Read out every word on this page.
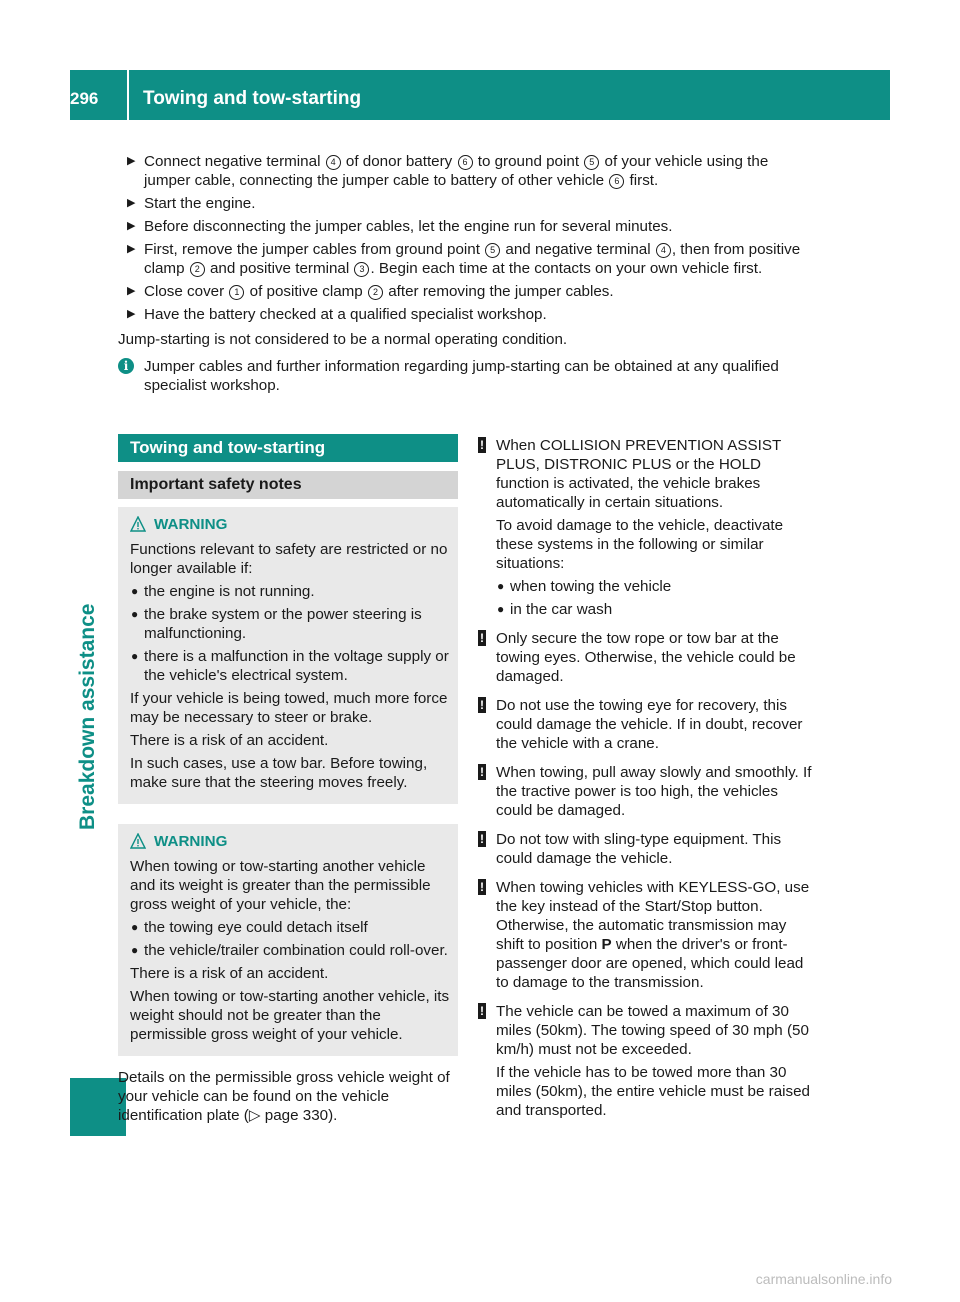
296	Towing and tow-starting
Breakdown assistance
▶ Connect negative terminal 4 of donor battery 6 to ground point 5 of your vehicle using the jumper cable, connecting the jumper cable to battery of other vehicle 6 first.
▶ Start the engine.
▶ Before disconnecting the jumper cables, let the engine run for several minutes.
▶ First, remove the jumper cables from ground point 5 and negative terminal 4 , then from positive clamp 2 and positive terminal 3 . Begin each time at the contacts on your own vehicle first.
▶ Close cover 1 of positive clamp 2 after removing the jumper cables.
▶ Have the battery checked at a qualified specialist workshop.
Jump-starting is not considered to be a normal operating condition.
i	Jumper cables and further information regarding jump-starting can be obtained at any qualified specialist workshop.
Towing and tow-starting
Important safety notes
WARNING

Functions relevant to safety are restricted or no longer available if:

● the engine is not running.
● the brake system or the power steering is malfunctioning.
● there is a malfunction in the voltage supply or the vehicle's electrical system.

If your vehicle is being towed, much more force may be necessary to steer or brake.

There is a risk of an accident.

In such cases, use a tow bar. Before towing, make sure that the steering moves freely.

WARNING

When towing or tow-starting another vehicle and its weight is greater than the permissible gross weight of your vehicle, the:

● the towing eye could detach itself
● the vehicle/trailer combination could roll-over.

There is a risk of an accident.

When towing or tow-starting another vehicle, its weight should not be greater than the permissible gross weight of your vehicle.

Details on the permissible gross vehicle weight of your vehicle can be found on the vehicle identification plate (▷ page 330).
! When COLLISION PREVENTION ASSIST PLUS, DISTRONIC PLUS or the HOLD function is activated, the vehicle brakes automatically in certain situations.

To avoid damage to the vehicle, deactivate these systems in the following or similar situations:

● when towing the vehicle
● in the car wash
! Only secure the tow rope or tow bar at the towing eyes. Otherwise, the vehicle could be damaged.

! Do not use the towing eye for recovery, this could damage the vehicle. If in doubt, recover the vehicle with a crane.

! When towing, pull away slowly and smoothly. If the tractive power is too high, the vehicles could be damaged.

! Do not tow with sling-type equipment. This could damage the vehicle.

! When towing vehicles with KEYLESS-GO, use the key instead of the Start/Stop button. Otherwise, the automatic transmission may shift to position P when the driver's or front-passenger door are opened, which could lead to damage to the transmission.

! The vehicle can be towed a maximum of 30 miles (50km). The towing speed of 30 mph (50 km/h) must not be exceeded.

If the vehicle has to be towed more than 30 miles (50km), the entire vehicle must be raised and transported.

carmanualsonline.info
